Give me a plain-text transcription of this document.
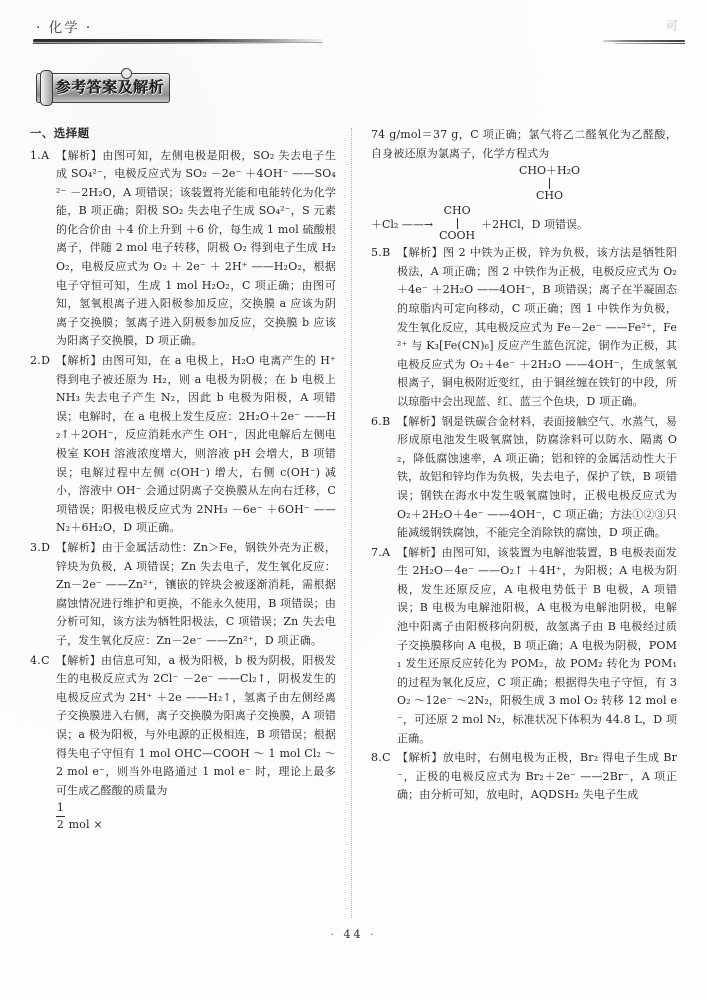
· 化学 ·	可
参考答案及解析
一、选择题
1.A 【解析】由图可知，左侧电极是阳极，SO₂ 失去电子生成 SO₄²⁻，电极反应式为 SO₂ －2e⁻ ＋4OH⁻ ——SO₄²⁻ －2H₂O，A 项错误；该装置将光能和电能转化为化学能，B 项正确；阳极 SO₂ 失去电子生成 SO₄²⁻，S 元素的化合价由 ＋4 价上升到 ＋6 价，每生成 1 mol 硫酸根离子，伴随 2 mol 电子转移，阴极 O₂ 得到电子生成 H₂O₂，电极反应式为 O₂ ＋ 2e⁻ ＋ 2H⁺ ——H₂O₂，根据电子守恒可知，生成 1 mol H₂O₂，C 项正确；由图可知，氢氧根离子进入阳极参加反应，交换膜 a 应该为阴离子交换膜；氢离子进入阴极参加反应，交换膜 b 应该为阳离子交换膜，D 项正确。
2.D 【解析】由图可知，在 a 电极上，H₂O 电离产生的 H⁺ 得到电子被还原为 H₂，则 a 电极为阴极；在 b 电极上 NH₃ 失去电子产生 N₂，因此 b 电极为阳极，A 项错误；电解时，在 a 电极上发生反应：2H₂O＋2e⁻ ——H₂↑＋2OH⁻，反应消耗水产生 OH⁻，因此电解后左侧电极室 KOH 溶液浓度增大，则溶液 pH 会增大，B 项错误；电解过程中左侧 c(OH⁻) 增大，右侧 c(OH⁻) 减小，溶液中 OH⁻ 会通过阴离子交换膜从左向右迁移，C 项错误；阳极电极反应式为 2NH₃ －6e⁻ ＋6OH⁻ ——N₂＋6H₂O，D 项正确。
3.D 【解析】由于金属活动性：Zn＞Fe，钢铁外壳为正极，锌块为负极，A 项错误；Zn 失去电子，发生氧化反应：Zn－2e⁻ ——Zn²⁺，镶嵌的锌块会被逐渐消耗，需根据腐蚀情况进行维护和更换，不能永久使用，B 项错误；由分析可知，该方法为牺牲阳极法，C 项错误；Zn 失去电子，发生氧化反应：Zn－2e⁻ ——Zn²⁺，D 项正确。
4.C 【解析】由信息可知，a 极为阳极，b 极为阴极，阳极发生的电极反应式为 2Cl⁻ －2e⁻ ——Cl₂↑，阴极发生的电极反应式为 2H⁺ ＋2e ——H₂↑，氢离子由左侧经离子交换膜进入右侧，离子交换膜为阳离子交换膜，A 项错误；a 极为阳极，与外电源的正极相连，B 项错误；根据得失电子守恒有 1 mol OHC—COOH ～ 1 mol Cl₂ ～ 2 mol e⁻，则当外电路通过 1 mol e⁻ 时，理论上最多可生成乙醛酸的质量为
$\frac{1}{2}$ mol ×
74 g/mol＝37 g，C 项正确；氯气将乙二醛氧化为乙醛酸，自身被还原为氯离子，化学方程式为
CHO＋H₂O
CHO
＋Cl₂ ——→
CHO
COOH
＋2HCl，D 项错误。
5.B 【解析】图 2 中铁为正极，锌为负极，该方法是牺牲阳极法，A 项正确；图 2 中铁作为正极，电极反应式为 O₂＋4e⁻ ＋2H₂O ——4OH⁻，B 项错误；离子在半凝固态的琼脂内可定向移动，C 项正确；图 1 中铁作为负极，发生氧化反应，其电极反应式为 Fe－2e⁻ ——Fe²⁺，Fe²⁺ 与 K₃[Fe(CN)₆] 反应产生蓝色沉淀，铜作为正极，其电极反应式为 O₂＋4e⁻ ＋2H₂O ——4OH⁻，生成氢氧根离子，铜电极附近变红，由于铜丝缠在铁钉的中段，所以琼脂中会出现蓝、红、蓝三个色块，D 项正确。
6.B 【解析】钢是铁碳合金材料，表面接触空气、水蒸气，易形成原电池发生吸氧腐蚀，防腐涂料可以防水、隔离 O₂，降低腐蚀速率，A 项正确；铝和锌的金属活动性大于铁，故铝和锌均作为负极，失去电子，保护了铁，B 项错误；钢铁在海水中发生吸氧腐蚀时，正极电极反应式为 O₂＋2H₂O＋4e⁻ ——4OH⁻，C 项正确；方法①②③只能减缓钢铁腐蚀，不能完全消除铁的腐蚀，D 项正确。
7.A 【解析】由图可知，该装置为电解池装置，B 电极表面发生 2H₂O－4e⁻ ——O₂↑ ＋4H⁺，为阳极；A 电极为阴极，发生还原反应，A 电极电势低于 B 电极，A 项错误；B 电极为电解池阳极，A 电极为电解池阴极，电解池中阳离子由阳极移向阴极，故氢离子由 B 电极经过质子交换膜移向 A 电极，B 项正确；A 电极为阴极，POM₁ 发生还原反应转化为 POM₂，故 POM₂ 转化为 POM₁ 的过程为氧化反应，C 项正确；根据得失电子守恒，有 3O₂ ～12e⁻ ～2N₂，阳极生成 3 mol O₂ 转移 12 mol e⁻，可还原 2 mol N₂，标准状况下体积为 44.8 L，D 项正确。
8.C 【解析】放电时，右侧电极为正极，Br₂ 得电子生成 Br⁻，正极的电极反应式为 Br₂＋2e⁻ ——2Br⁻，A 项正确；由分析可知，放电时，AQDSH₂ 失电子生成
· 44 ·
